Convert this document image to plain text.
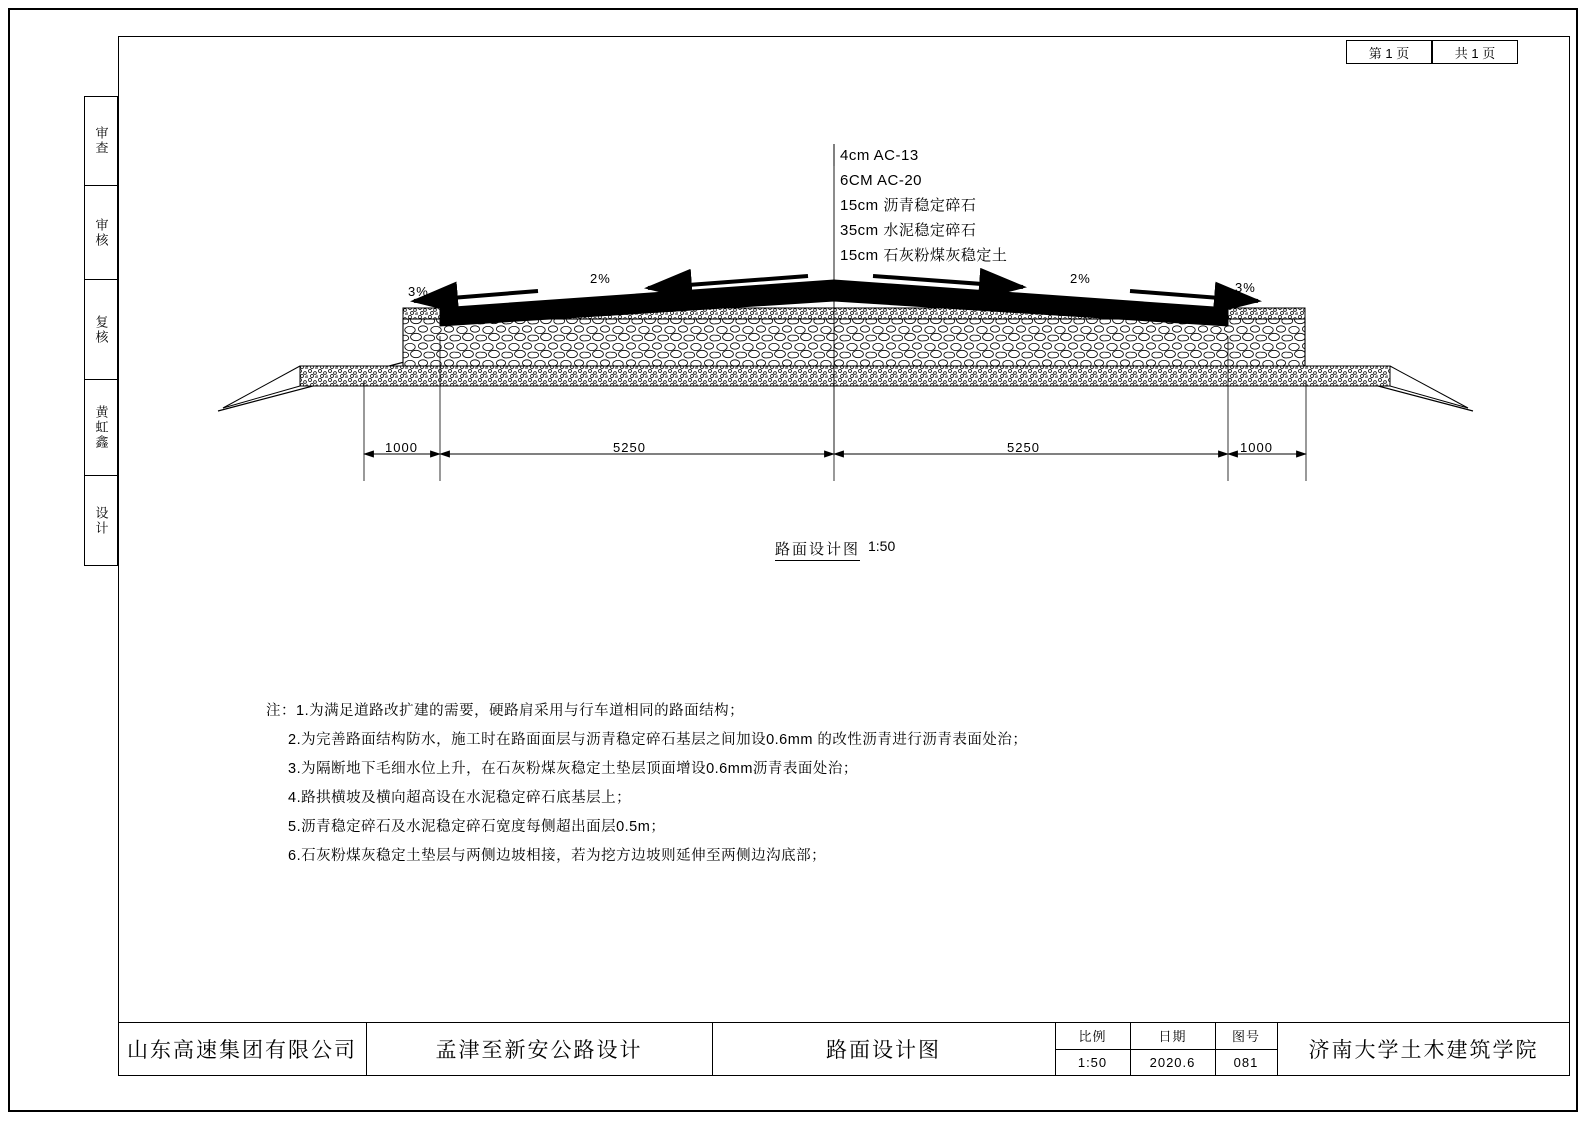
第 1 页	共 1 页
审查
审核
复核
黄虹鑫
设计
4cm AC-13
6CM AC-20
15cm 沥青稳定碎石
35cm 水泥稳定碎石
15cm 石灰粉煤灰稳定土
3%
2%	2%
3%
1000	5250	5250	1000
路面设计图 1:50
注：1.为满足道路改扩建的需要，硬路肩采用与行车道相同的路面结构；
2.为完善路面结构防水，施工时在路面面层与沥青稳定碎石基层之间加设0.6mm 的改性沥青进行沥青表面处治；
3.为隔断地下毛细水位上升，在石灰粉煤灰稳定土垫层顶面增设0.6mm沥青表面处治；
4.路拱横坡及横向超高设在水泥稳定碎石底基层上；
5.沥青稳定碎石及水泥稳定碎石宽度每侧超出面层0.5m；
6.石灰粉煤灰稳定土垫层与两侧边坡相接，若为挖方边坡则延伸至两侧边沟底部；
山东高速集团有限公司	孟津至新安公路设计	路面设计图
比例	日期	图号
1:50	2020.6	081
济南大学土木建筑学院
